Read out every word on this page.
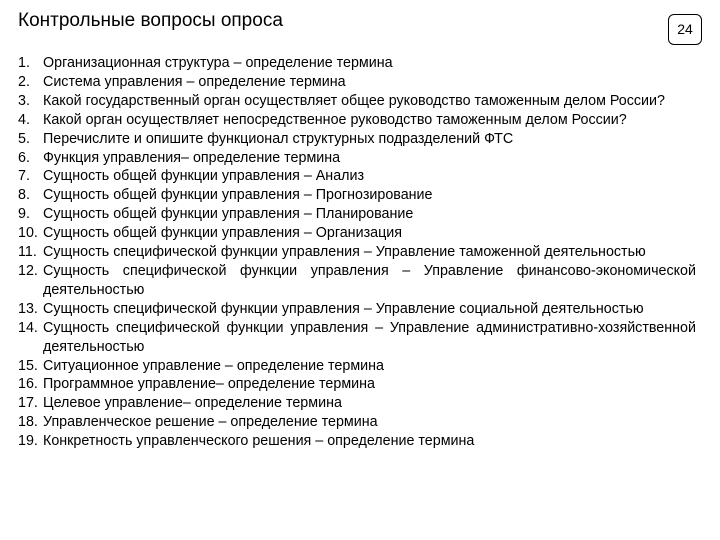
Контрольные вопросы опроса	24
1. Организационная структура – определение термина
2. Система управления – определение термина
3. Какой государственный орган осуществляет общее руководство таможенным делом России?
4. Какой орган осуществляет непосредственное руководство таможенным делом России?
5. Перечислите и опишите функционал структурных подразделений ФТС
6. Функция управления– определение термина
7. Сущность общей функции управления – Анализ
8. Сущность общей функции управления – Прогнозирование
9. Сущность общей функции управления – Планирование
10. Сущность общей функции управления – Организация
11. Сущность специфической функции управления – Управление таможенной деятельностью
12. Сущность специфической функции управления – Управление финансово-экономической деятельностью
13. Сущность специфической функции управления – Управление социальной деятельностью
14. Сущность специфической функции управления – Управление административно-хозяйственной деятельностью
15. Ситуационное управление – определение термина
16. Программное управление– определение термина
17. Целевое управление– определение термина
18. Управленческое решение – определение термина
19. Конкретность управленческого решения – определение термина
